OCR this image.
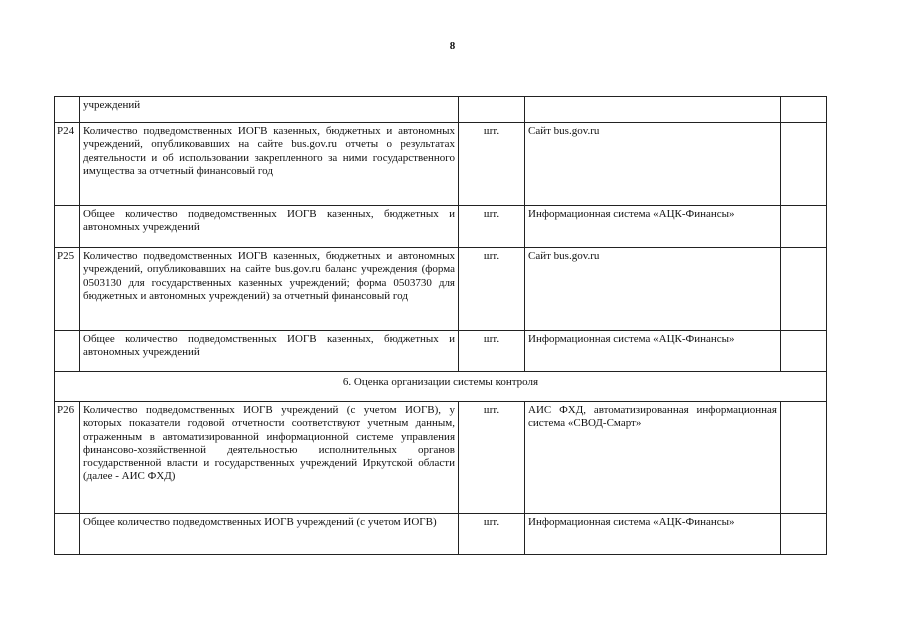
8
	учреждений			
Р24	Количество подведомственных ИОГВ казенных, бюджетных и автономных учреждений, опубликовавших на сайте bus.gov.ru отчеты о результатах деятельности и об использовании закрепленного за ними государственного имущества за отчетный финансовый год	шт.	Сайт bus.gov.ru	
	Общее количество подведомственных ИОГВ казенных, бюджетных и автономных учреждений	шт.	Информационная система «АЦК-Финансы»	
Р25	Количество подведомственных ИОГВ казенных, бюджетных и автономных учреждений, опубликовавших на сайте bus.gov.ru баланс учреждения (форма 0503130 для государственных казенных учреждений; форма 0503730 для бюджетных и автономных учреждений) за отчетный финансовый год	шт.	Сайт bus.gov.ru	
	Общее количество подведомственных ИОГВ казенных, бюджетных и автономных учреждений	шт.	Информационная система «АЦК-Финансы»	
6. Оценка организации системы контроля				
Р26	Количество подведомственных ИОГВ учреждений (с учетом ИОГВ), у которых показатели годовой отчетности соответствуют учетным данным, отраженным в автоматизированной информационной системе управления финансово-хозяйственной деятельностью исполнительных органов государственной власти и государственных учреждений Иркутской области (далее - АИС ФХД)	шт.	АИС ФХД, автоматизированная информационная система «СВОД-Смарт»	
	Общее количество подведомственных ИОГВ учреждений (с учетом ИОГВ)	шт.	Информационная система «АЦК-Финансы»	
